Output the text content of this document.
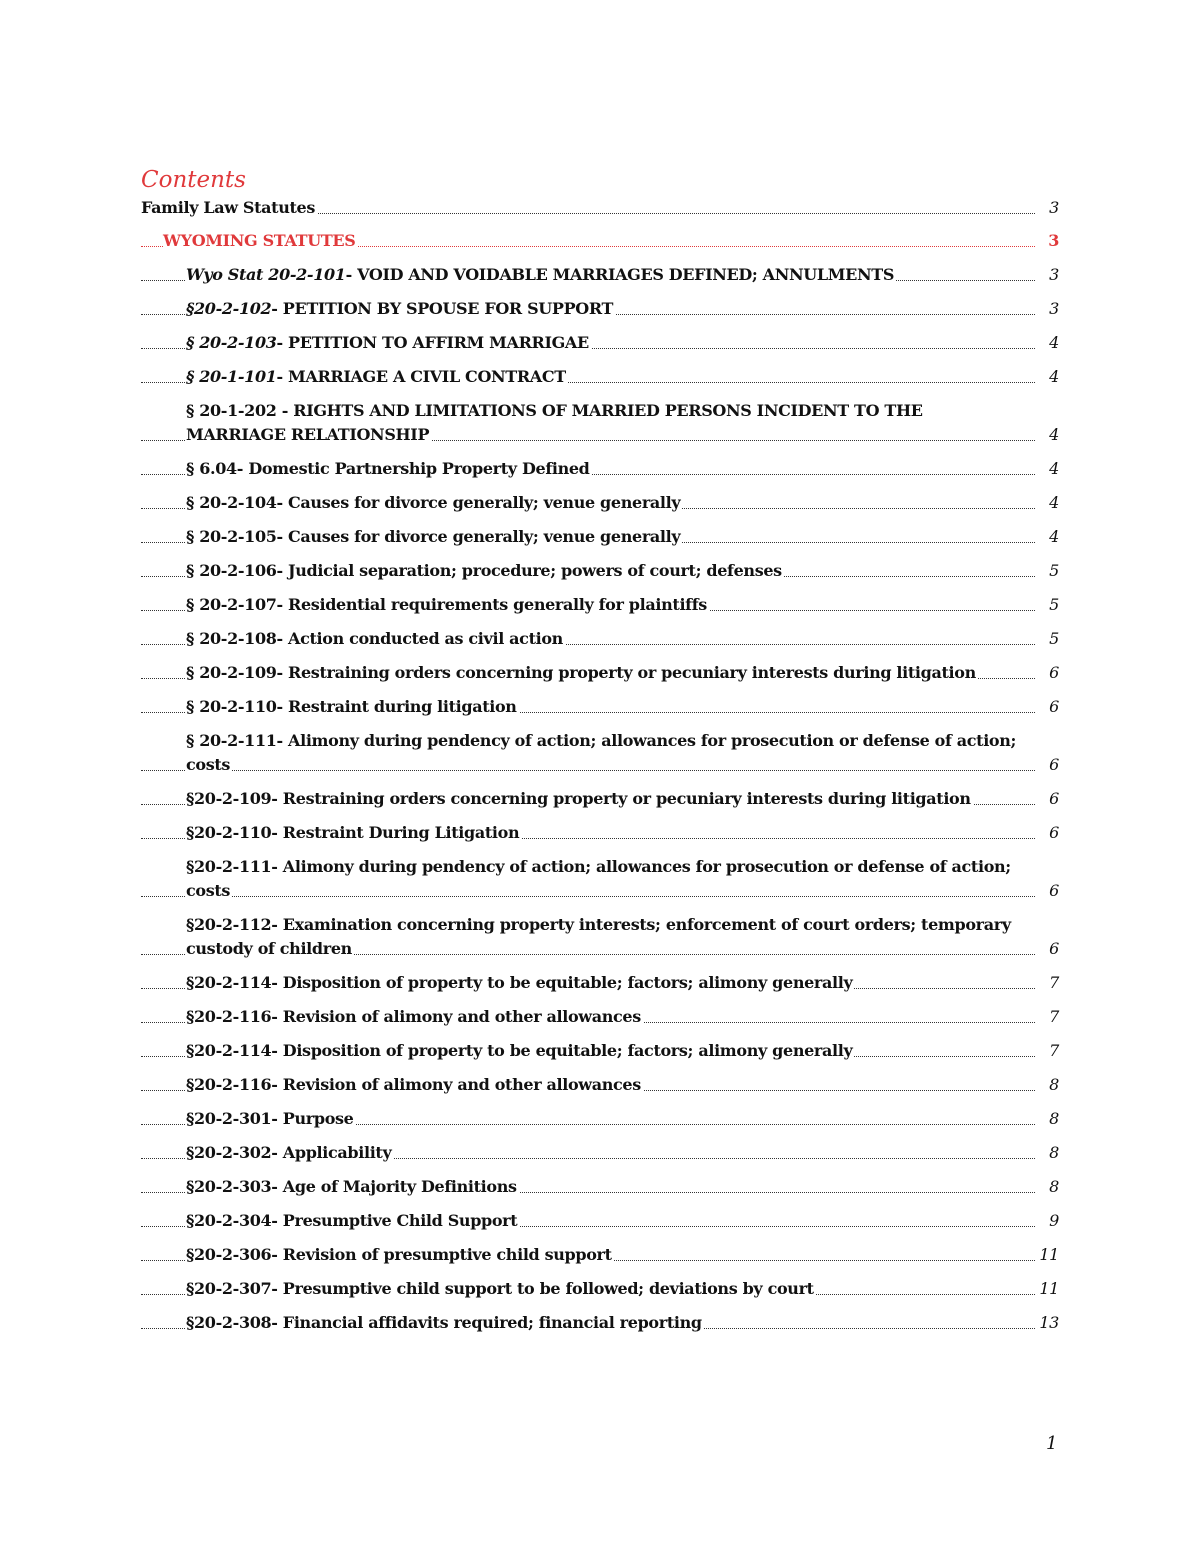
Contents
Family Law Statutes	3
WYOMING STATUTES	3
Wyo Stat 20-2-101- VOID AND VOIDABLE MARRIAGES DEFINED; ANNULMENTS	3
§20-2-102- PETITION BY SPOUSE FOR SUPPORT	3
§ 20-2-103- PETITION TO AFFIRM MARRIGAE	4
§ 20-1-101- MARRIAGE A CIVIL CONTRACT	4
§ 20-1-202 - RIGHTS AND LIMITATIONS OF MARRIED PERSONS INCIDENT TO THE MARRIAGE RELATIONSHIP	4
§ 6.04- Domestic Partnership Property Defined	4
§ 20-2-104- Causes for divorce generally; venue generally	4
§ 20-2-105- Causes for divorce generally; venue generally	4
§ 20-2-106- Judicial separation; procedure; powers of court; defenses	5
§ 20-2-107- Residential requirements generally for plaintiffs	5
§ 20-2-108- Action conducted as civil action	5
§ 20-2-109- Restraining orders concerning property or pecuniary interests during litigation	6
§ 20-2-110- Restraint during litigation	6
§ 20-2-111- Alimony during pendency of action; allowances for prosecution or defense of action; costs	6
§20-2-109- Restraining orders concerning property or pecuniary interests during litigation	6
§20-2-110- Restraint During Litigation	6
§20-2-111- Alimony during pendency of action; allowances for prosecution or defense of action; costs	6
§20-2-112- Examination concerning property interests; enforcement of court orders; temporary custody of children	6
§20-2-114- Disposition of property to be equitable; factors; alimony generally	7
§20-2-116- Revision of alimony and other allowances	7
§20-2-114- Disposition of property to be equitable; factors; alimony generally	7
§20-2-116- Revision of alimony and other allowances	8
§20-2-301- Purpose	8
§20-2-302- Applicability	8
§20-2-303- Age of Majority Definitions	8
§20-2-304- Presumptive Child Support	9
§20-2-306- Revision of presumptive child support	11
§20-2-307- Presumptive child support to be followed; deviations by court	11
§20-2-308- Financial affidavits required; financial reporting	13
1
